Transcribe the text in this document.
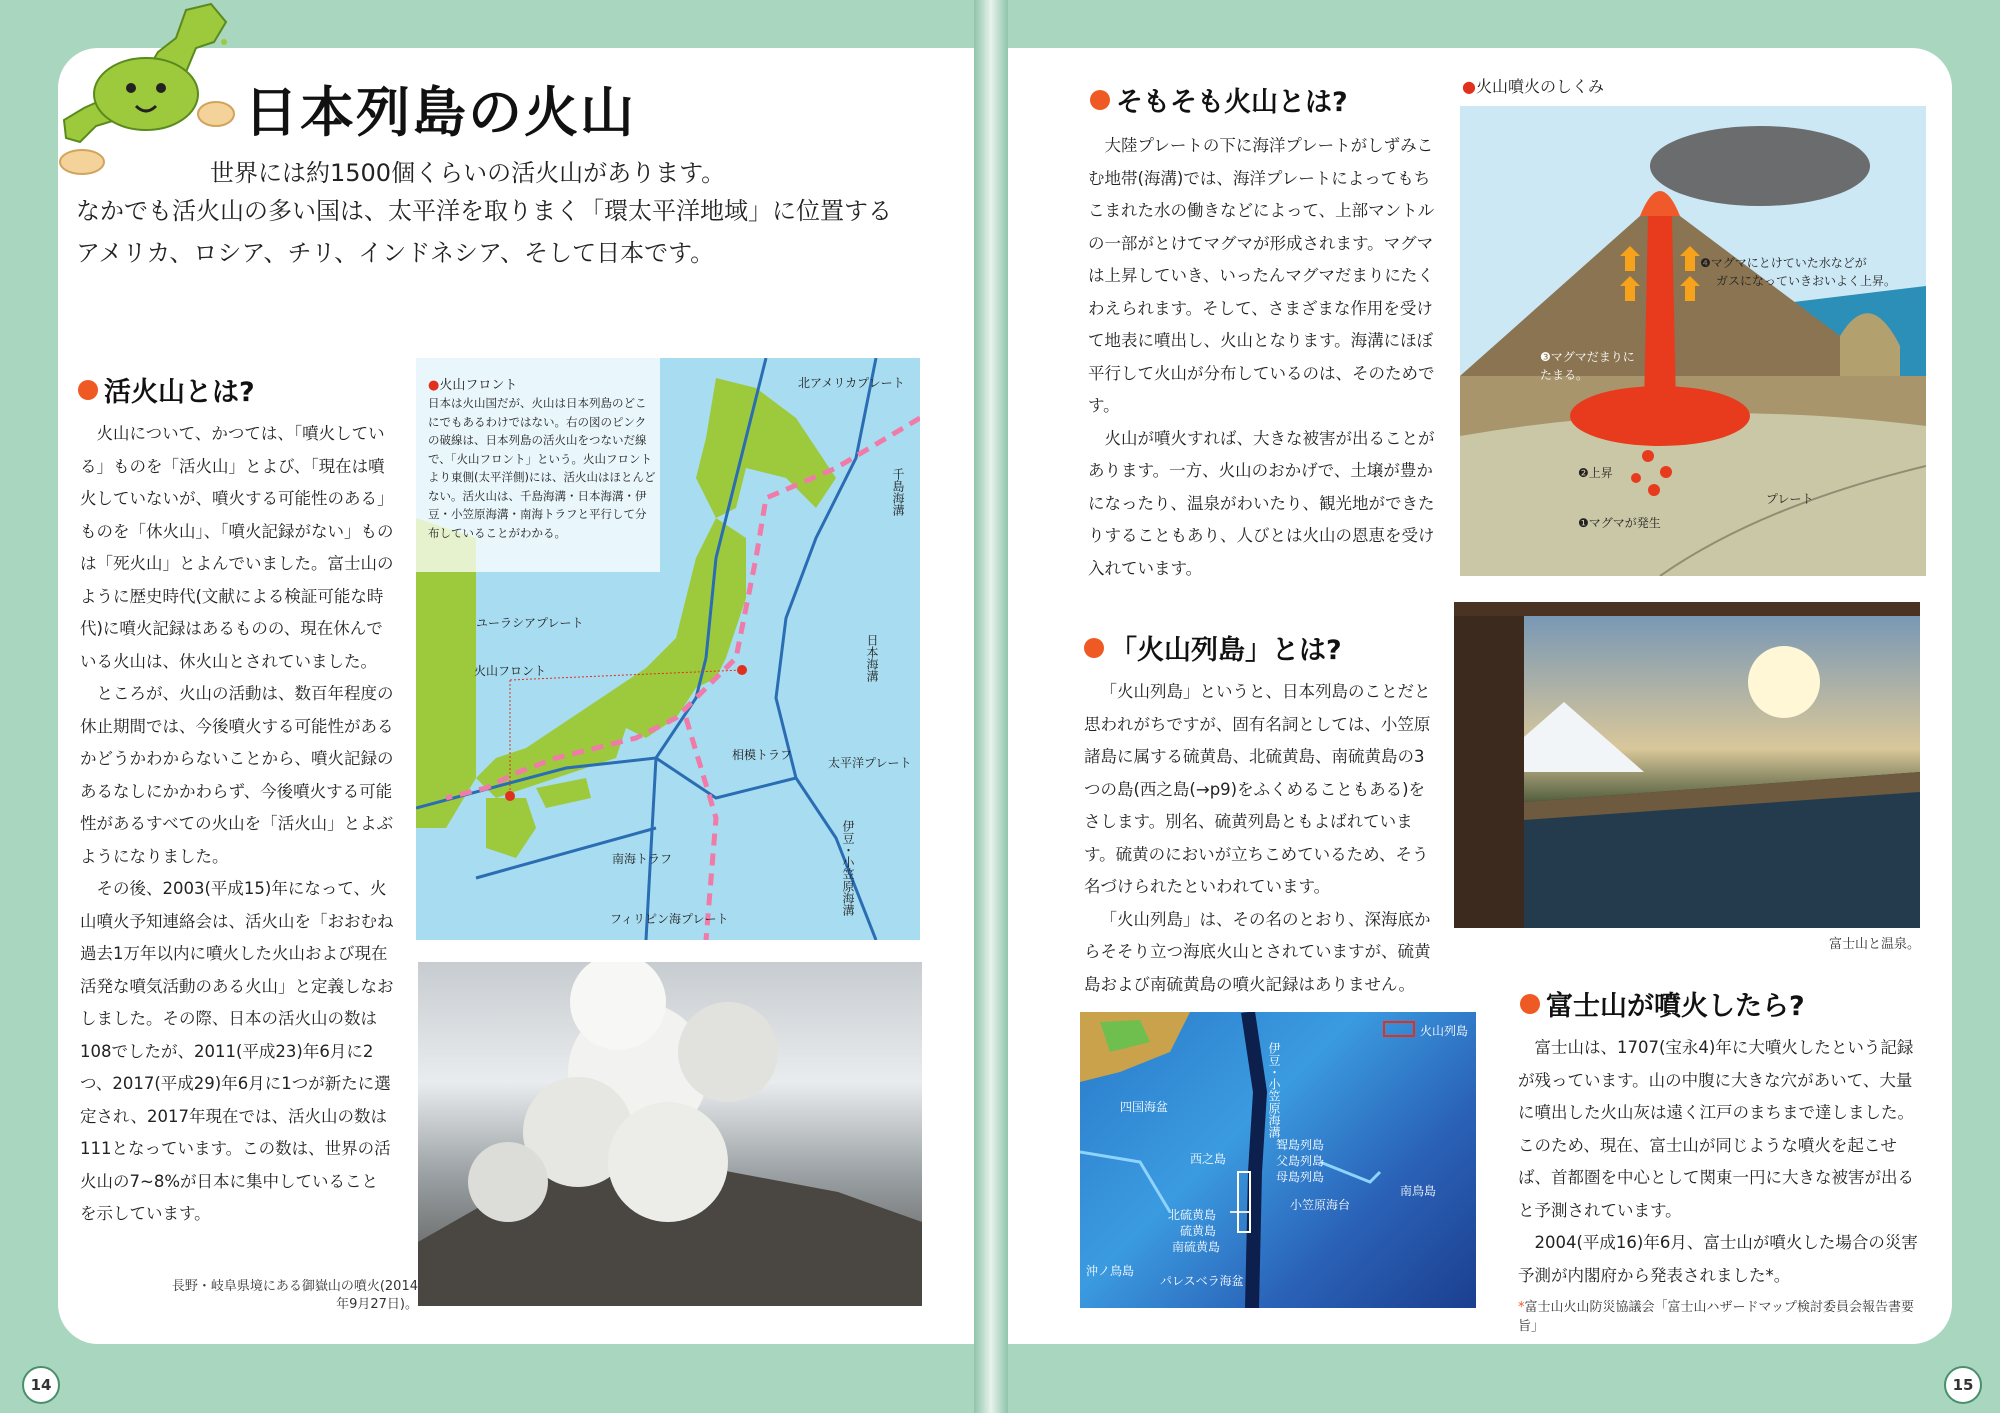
14	15
日本列島の火山
世界には約1500個くらいの活火山があります。
なかでも活火山の多い国は、太平洋を取りまく「環太平洋地域」に位置する
アメリカ、ロシア、チリ、インドネシア、そして日本です。
活火山とは?

火山について、かつては、「噴火している」ものを「活火山」とよび、「現在は噴火していないが、噴火する可能性のある」ものを「休火山」、「噴火記録がない」ものは「死火山」とよんでいました。富士山のように歴史時代(文献による検証可能な時代)に噴火記録はあるものの、現在休んでいる火山は、休火山とされていました。

ところが、火山の活動は、数百年程度の休止期間では、今後噴火する可能性があるかどうかわからないことから、噴火記録のあるなしにかかわらず、今後噴火する可能性があるすべての火山を「活火山」とよぶようになりました。

その後、2003(平成15)年になって、火山噴火予知連絡会は、活火山を「おおむね過去1万年以内に噴火した火山および現在活発な噴気活動のある火山」と定義しなおしました。その際、日本の活火山の数は108でしたが、2011(平成23)年6月に2つ、2017(平成29)年6月に1つが新たに選定され、2017年現在では、活火山の数は111となっています。この数は、世界の活火山の7~8%が日本に集中していることを示しています。

●火山フロント
日本は火山国だが、火山は日本列島のどこにでもあるわけではない。右の図のピンクの破線は、日本列島の活火山をつないだ線で、「火山フロント」という。火山フロントより東側(太平洋側)には、活火山はほとんどない。活火山は、千島海溝・日本海溝・伊豆・小笠原海溝・南海トラフと平行して分布していることがわかる。
北アメリカプレート
ユーラシアプレート
火山フロント
太平洋プレート
フィリピン海プレート
南海トラフ
相模トラフ
千島海溝
日本海溝
伊豆・小笠原海溝
長野・岐阜県境にある御嶽山の噴火(2014年9月27日)。
そもそも火山とは?

大陸プレートの下に海洋プレートがしずみこむ地帯(海溝)では、海洋プレートによってもちこまれた水の働きなどによって、上部マントルの一部がとけてマグマが形成されます。マグマは上昇していき、いったんマグマだまりにたくわえられます。そして、さまざまな作用を受けて地表に噴出し、火山となります。海溝にほぼ平行して火山が分布しているのは、そのためです。

火山が噴火すれば、大きな被害が出ることがあります。一方、火山のおかげで、土壌が豊かになったり、温泉がわいたり、観光地ができたりすることもあり、人びとは火山の恩恵を受け入れています。

●火山噴火のしくみ
❶マグマが発生
❷上昇
❸マグマだまりに
たまる。
❹マグマにとけていた水などが
ガスになっていきおいよく上昇。
プレート
「火山列島」とは?

「火山列島」というと、日本列島のことだと思われがちですが、固有名詞としては、小笠原諸島に属する硫黄島、北硫黄島、南硫黄島の3つの島(西之島(→p9)をふくめることもある)をさします。別名、硫黄列島ともよばれています。硫黄のにおいが立ちこめているため、そう名づけられたといわれています。

「火山列島」は、その名のとおり、深海底からそそり立つ海底火山とされていますが、硫黄島および南硫黄島の噴火記録はありません。

富士山と温泉。
火山列島
伊豆・小笠原海溝
聟島列島
父島列島
母島列島
西之島
北硫黄島
硫黄島
南硫黄島
南鳥島
沖ノ鳥島
四国海盆
パレスベラ海盆
小笠原海台
富士山が噴火したら?

富士山は、1707(宝永4)年に大噴火したという記録が残っています。山の中腹に大きな穴があいて、大量に噴出した火山灰は遠く江戸のまちまで達しました。このため、現在、富士山が同じような噴火を起こせば、首都圏を中心として関東一円に大きな被害が出ると予測されています。

2004(平成16)年6月、富士山が噴火した場合の災害予測が内閣府から発表されました*。

*富士山火山防災協議会「富士山ハザードマップ検討委員会報告書要旨」
